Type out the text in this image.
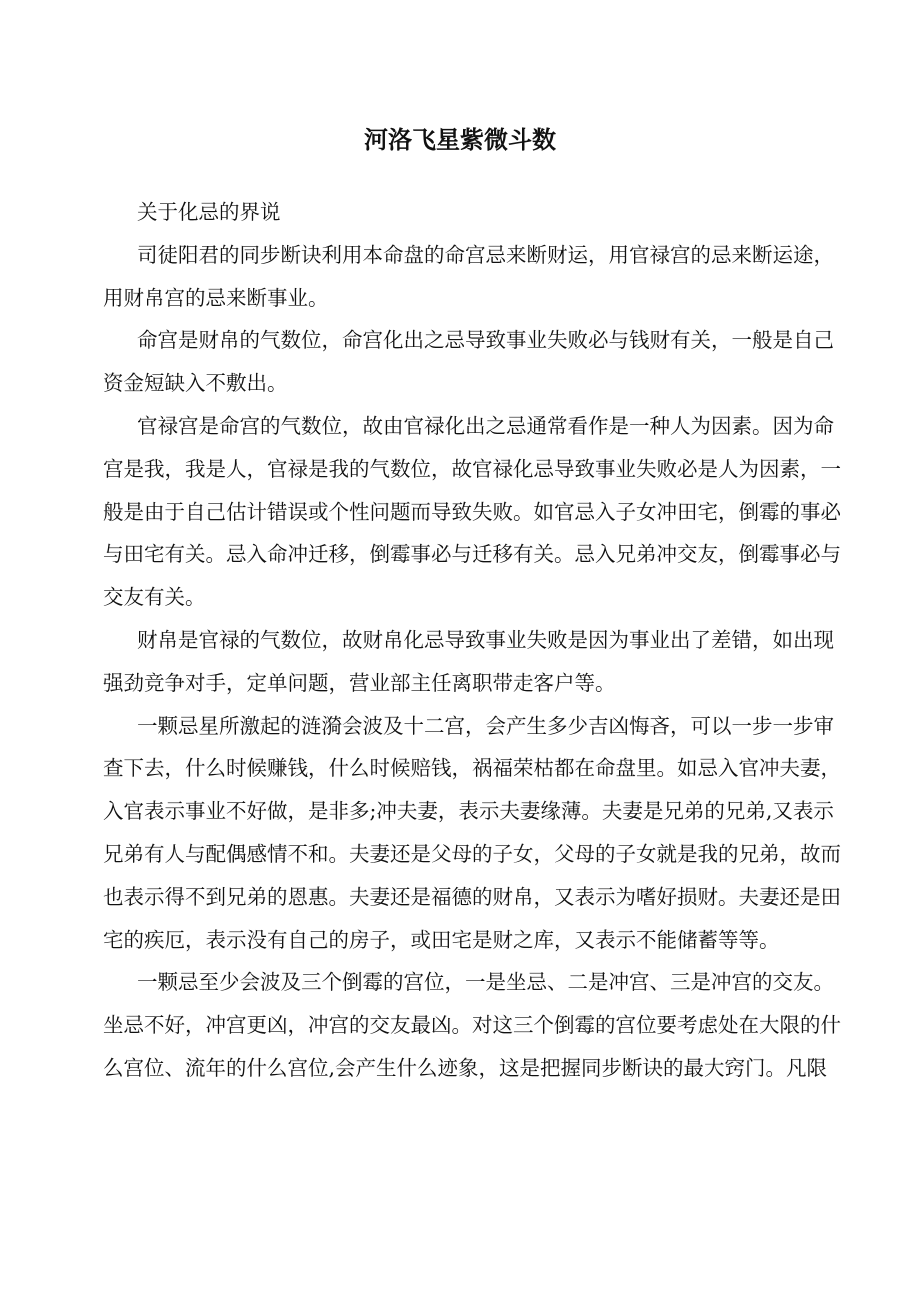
河洛飞星紫微斗数
关于化忌的界说
司徒阳君的同步断诀利用本命盘的命宫忌来断财运，用官禄宫的忌来断运途，
用财帛宫的忌来断事业。
命宫是财帛的气数位，命宫化出之忌导致事业失败必与钱财有关，一般是自己
资金短缺入不敷出。
官禄宫是命宫的气数位，故由官禄化出之忌通常看作是一种人为因素。因为命
宫是我，我是人，官禄是我的气数位，故官禄化忌导致事业失败必是人为因素，一
般是由于自己估计错误或个性问题而导致失败。如官忌入子女冲田宅，倒霉的事必
与田宅有关。忌入命冲迁移，倒霉事必与迁移有关。忌入兄弟冲交友，倒霉事必与
交友有关。
财帛是官禄的气数位，故财帛化忌导致事业失败是因为事业出了差错，如出现
强劲竞争对手，定单问题，营业部主任离职带走客户等。
一颗忌星所激起的涟漪会波及十二宫，会产生多少吉凶悔吝，可以一步一步审
查下去，什么时候赚钱，什么时候赔钱，祸福荣枯都在命盘里。如忌入官冲夫妻，
入官表示事业不好做，是非多;冲夫妻，表示夫妻缘薄。夫妻是兄弟的兄弟,又表示
兄弟有人与配偶感情不和。夫妻还是父母的子女，父母的子女就是我的兄弟，故而
也表示得不到兄弟的恩惠。夫妻还是福德的财帛，又表示为嗜好损财。夫妻还是田
宅的疾厄，表示没有自己的房子，或田宅是财之库，又表示不能储蓄等等。
一颗忌至少会波及三个倒霉的宫位，一是坐忌、二是冲宫、三是冲宫的交友。
坐忌不好，冲宫更凶，冲宫的交友最凶。对这三个倒霉的宫位要考虑处在大限的什
么宫位、流年的什么宫位,会产生什么迹象，这是把握同步断诀的最大窍门。凡限
